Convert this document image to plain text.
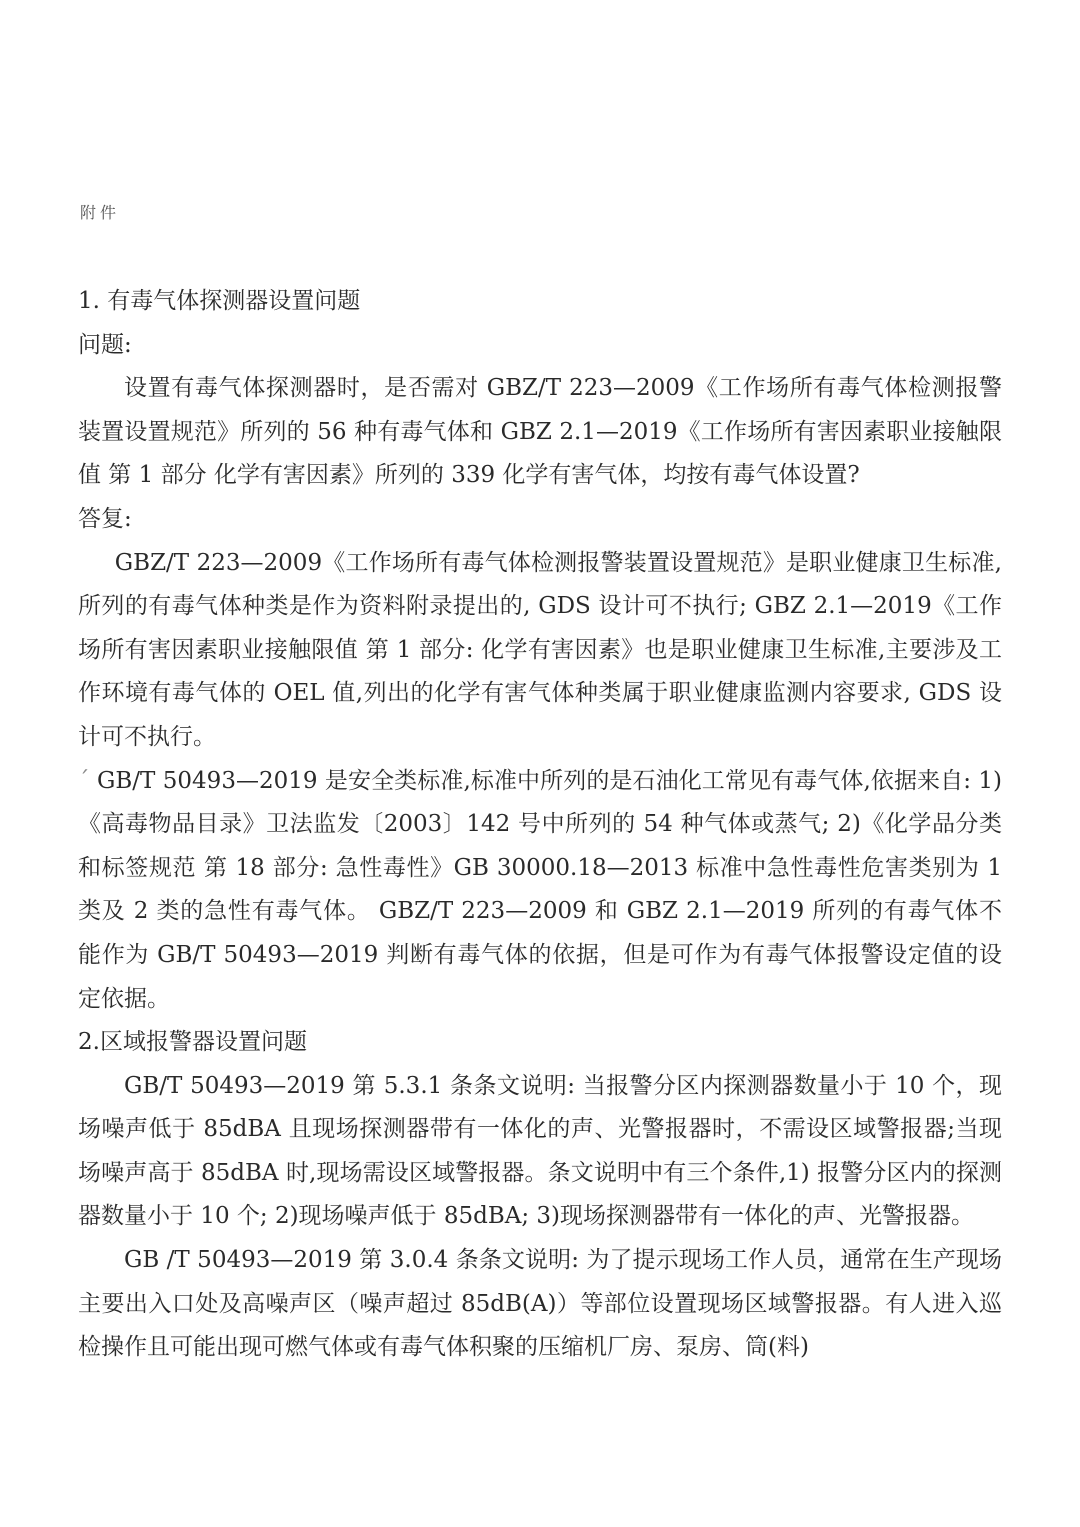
附件

1. 有毒气体探测器设置问题

问题:

设置有毒气体探测器时，是否需对 GBZ/T 223—2009《工作场所有毒气体检测报警装置设置规范》所列的 56 种有毒气体和 GBZ 2.1—2019《工作场所有害因素职业接触限值 第 1 部分 化学有害因素》所列的 339 化学有害气体，均按有毒气体设置?

答复:

GBZ/T 223—2009《工作场所有毒气体检测报警装置设置规范》是职业健康卫生标准,所列的有毒气体种类是作为资料附录提出的, GDS 设计可不执行; GBZ 2.1—2019《工作场所有害因素职业接触限值 第 1 部分: 化学有害因素》也是职业健康卫生标准,主要涉及工作环境有毒气体的 OEL 值,列出的化学有害气体种类属于职业健康监测内容要求, GDS 设计可不执行。

ˊ GB/T 50493—2019 是安全类标准,标准中所列的是石油化工常见有毒气体,依据来自: 1)《高毒物品目录》卫法监发〔2003〕142 号中所列的 54 种气体或蒸气; 2)《化学品分类和标签规范 第 18 部分: 急性毒性》GB 30000.18—2013 标准中急性毒性危害类别为 1 类及 2 类的急性有毒气体。 GBZ/T 223—2009 和 GBZ 2.1—2019 所列的有毒气体不能作为 GB/T 50493—2019 判断有毒气体的依据，但是可作为有毒气体报警设定值的设定依据。

2.区域报警器设置问题

GB/T 50493—2019 第 5.3.1 条条文说明: 当报警分区内探测器数量小于 10 个，现场噪声低于 85dBA 且现场探测器带有一体化的声、光警报器时，不需设区域警报器;当现场噪声高于 85dBA 时,现场需设区域警报器。条文说明中有三个条件,1) 报警分区内的探测器数量小于 10 个; 2)现场噪声低于 85dBA; 3)现场探测器带有一体化的声、光警报器。

GB /T 50493—2019 第 3.0.4 条条文说明: 为了提示现场工作人员，通常在生产现场主要出入口处及高噪声区（噪声超过 85dB(A)）等部位设置现场区域警报器。有人进入巡检操作且可能出现可燃气体或有毒气体积聚的压缩机厂房、泵房、筒(料)
